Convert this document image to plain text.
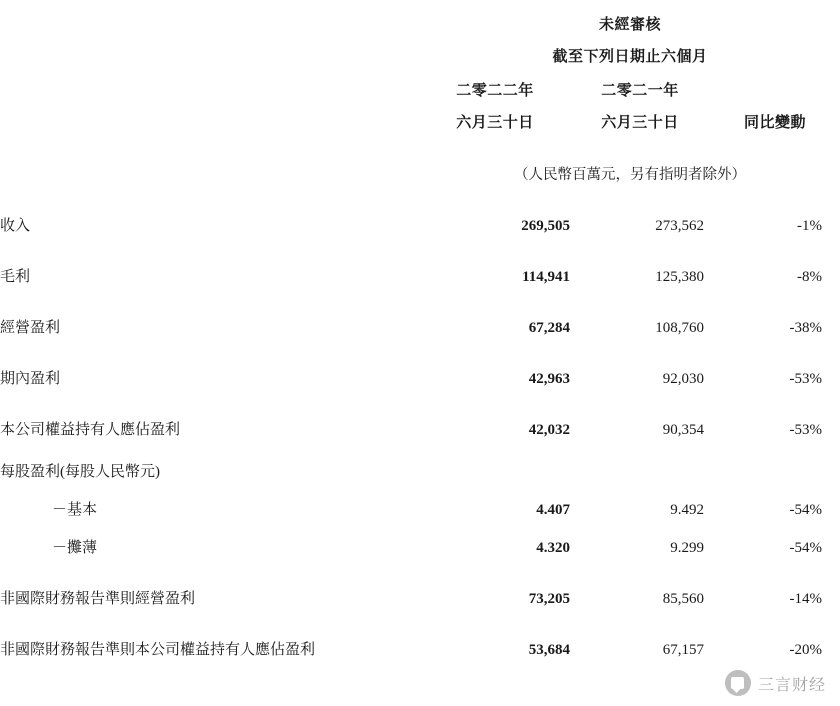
	未經審核		
	截至下列日期止六個月		
	二零二二年	二零二一年	
	六月三十日	六月三十日	同比變動
	（人民幣百萬元，另有指明者除外）		
收入	269,505	273,562	-1%
毛利	114,941	125,380	-8%
經營盈利	67,284	108,760	-38%
期內盈利	42,963	92,030	-53%
本公司權益持有人應佔盈利	42,032	90,354	-53%
每股盈利(每股人民幣元)			
－基本	4.407	9.492	-54%
－攤薄	4.320	9.299	-54%
非國際財務報告準則經營盈利	73,205	85,560	-14%
非國際財務報告準則本公司權益持有人應佔盈利	53,684	67,157	-20%
三言财经
